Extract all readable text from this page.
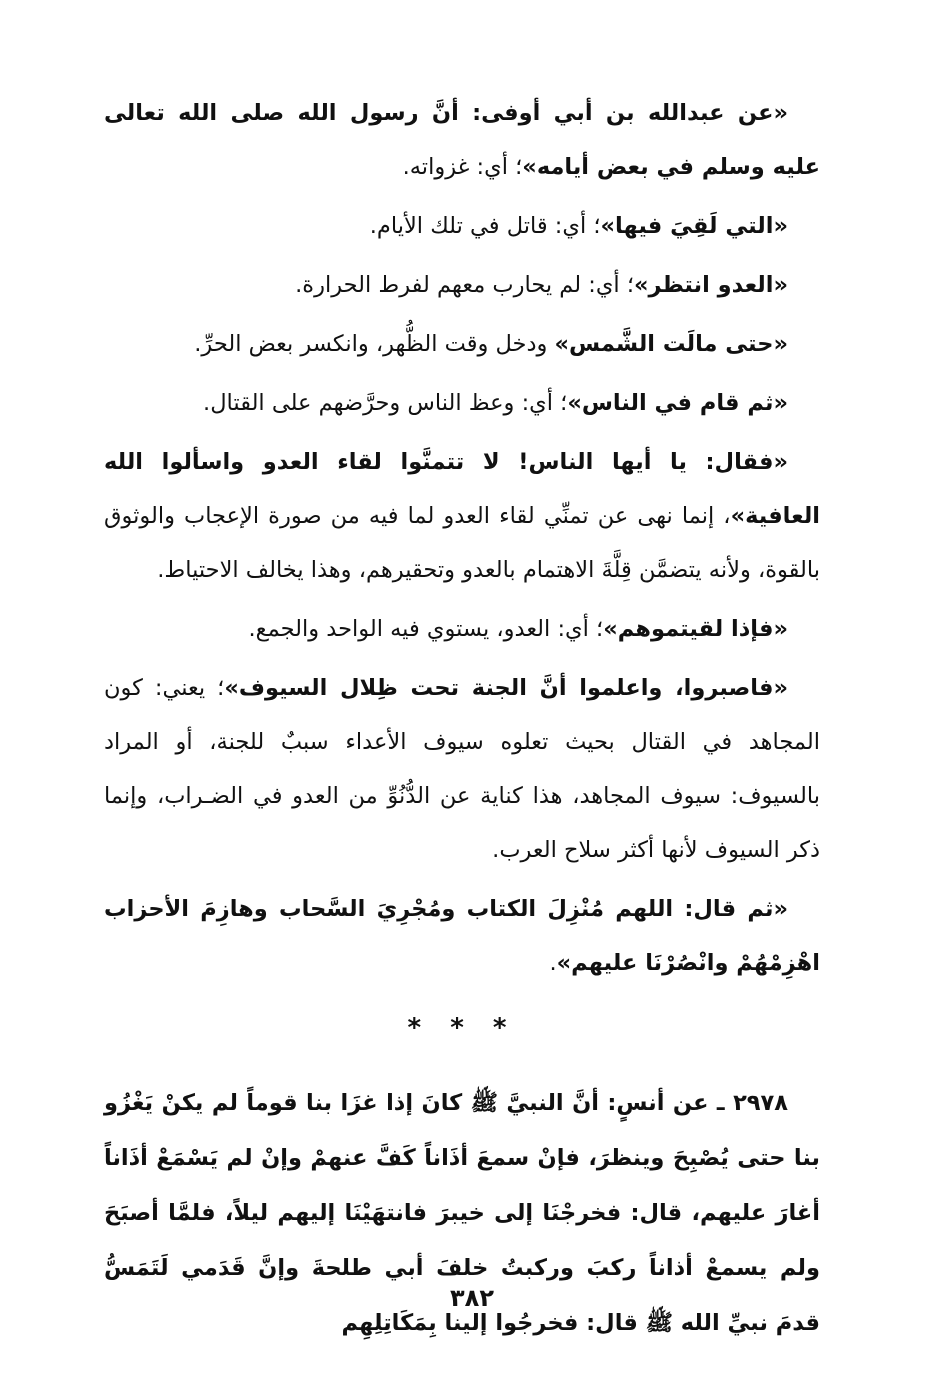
«عن عبدالله بن أبي أوفى: أنَّ رسول الله صلى الله تعالى عليه وسلم في بعض أيامه»؛ أي: غزواته.

«التي لَقِيَ فيها»؛ أي: قاتل في تلك الأيام.

«العدو انتظر»؛ أي: لم يحارب معهم لفرط الحرارة.

«حتى مالَت الشَّمس» ودخل وقت الظُّهر، وانكسر بعض الحرِّ.

«ثم قام في الناس»؛ أي: وعظ الناس وحرَّضهم على القتال.

«فقال: يا أيها الناس! لا تتمنَّوا لقاء العدو واسألوا الله العافية»، إنما نهى عن تمنِّي لقاء العدو لما فيه من صورة الإعجاب والوثوق بالقوة، ولأنه يتضمَّن قِلَّةَ الاهتمام بالعدو وتحقيرهم، وهذا يخالف الاحتياط.

«فإذا لقيتموهم»؛ أي: العدو، يستوي فيه الواحد والجمع.

«فاصبروا، واعلموا أنَّ الجنة تحت ظِلال السيوف»؛ يعني: كون المجاهد في القتال بحيث تعلوه سيوف الأعداء سببٌ للجنة، أو المراد بالسيوف: سيوف المجاهد، هذا كناية عن الدُّنُوِّ من العدو في الضـراب، وإنما ذكر السيوف لأنها أكثر سلاح العرب.

«ثم قال: اللهم مُنْزِلَ الكتاب ومُجْرِيَ السَّحاب وهازِمَ الأحزاب اهْزِمْهُمْ وانْصُرْنَا عليهم».

* * *

٢٩٧٨ ـ عن أنسٍ: أنَّ النبيَّ ﷺ كانَ إذا غزَا بنا قوماً لم يكنْ يَغْزُو بنا حتى يُصْبِحَ وينظرَ، فإنْ سمعَ أذَاناً كَفَّ عنهمْ وإنْ لم يَسْمَعْ أذَاناً أغارَ عليهم، قال: فخرجْنَا إلى خيبرَ فانتهَيْنَا إليهم ليلاً، فلمَّا أصبَحَ ولم يسمعْ أذاناً ركبَ وركبتُ خلفَ أبي طلحةَ وإنَّ قَدَمي لَتَمَسُّ قدمَ نبيِّ الله ﷺ قال: فخرجُوا إلينا بِمَكَاتِلِهِم

٣٨٢
